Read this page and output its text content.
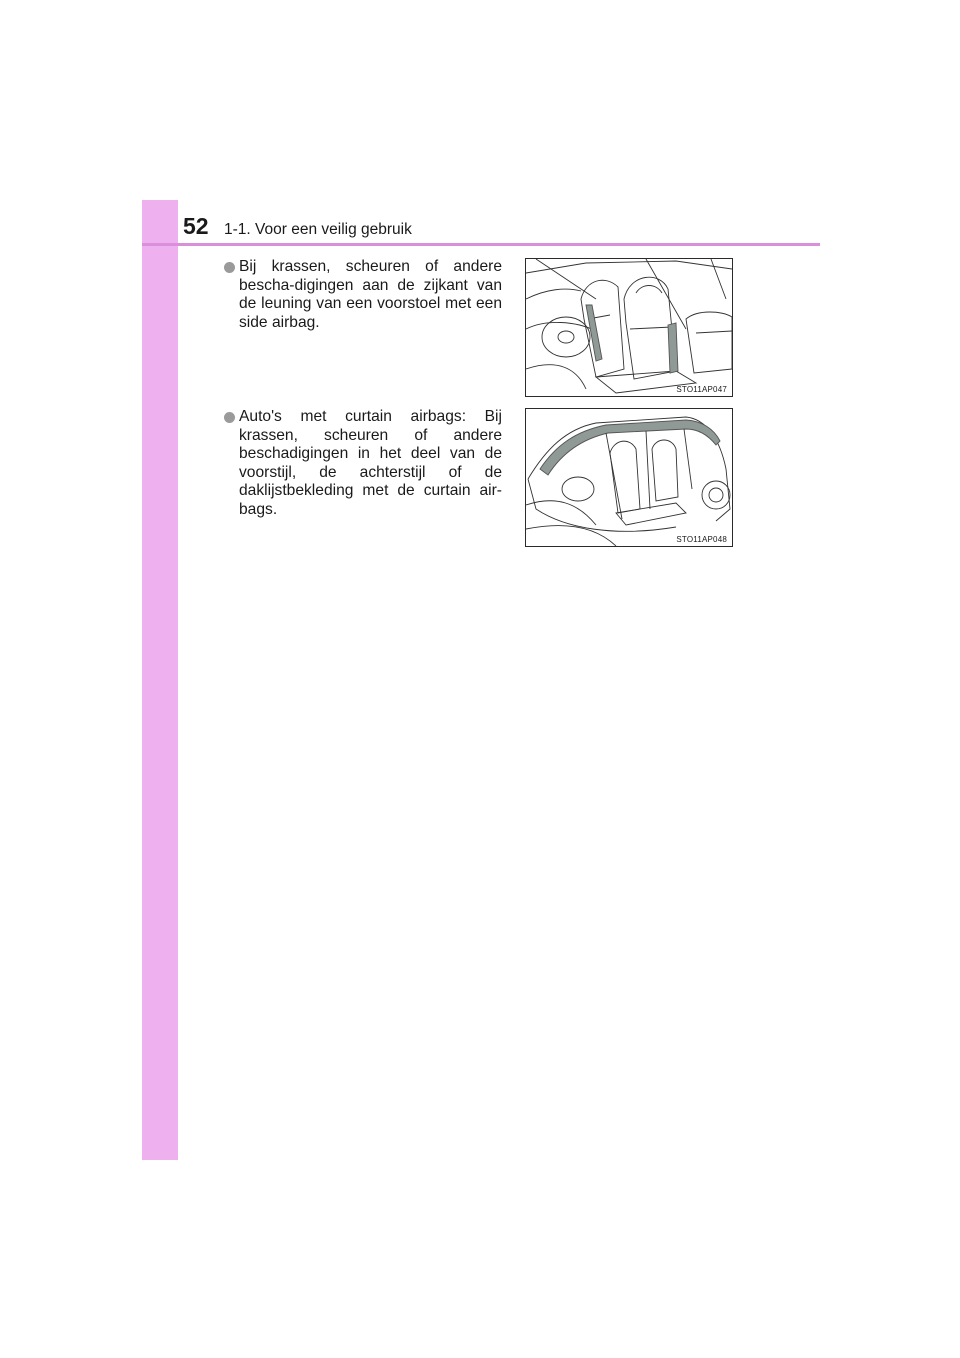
52 1-1. Voor een veilig gebruik
Bij krassen, scheuren of andere bescha-digingen aan de zijkant van de leuning van een voorstoel met een side airbag.
STO11AP047
Auto's met curtain airbags: Bij krassen, scheuren of andere beschadigingen in het deel van de voorstijl, de achterstijl of de daklijstbekleding met de curtain air-bags.
STO11AP048
